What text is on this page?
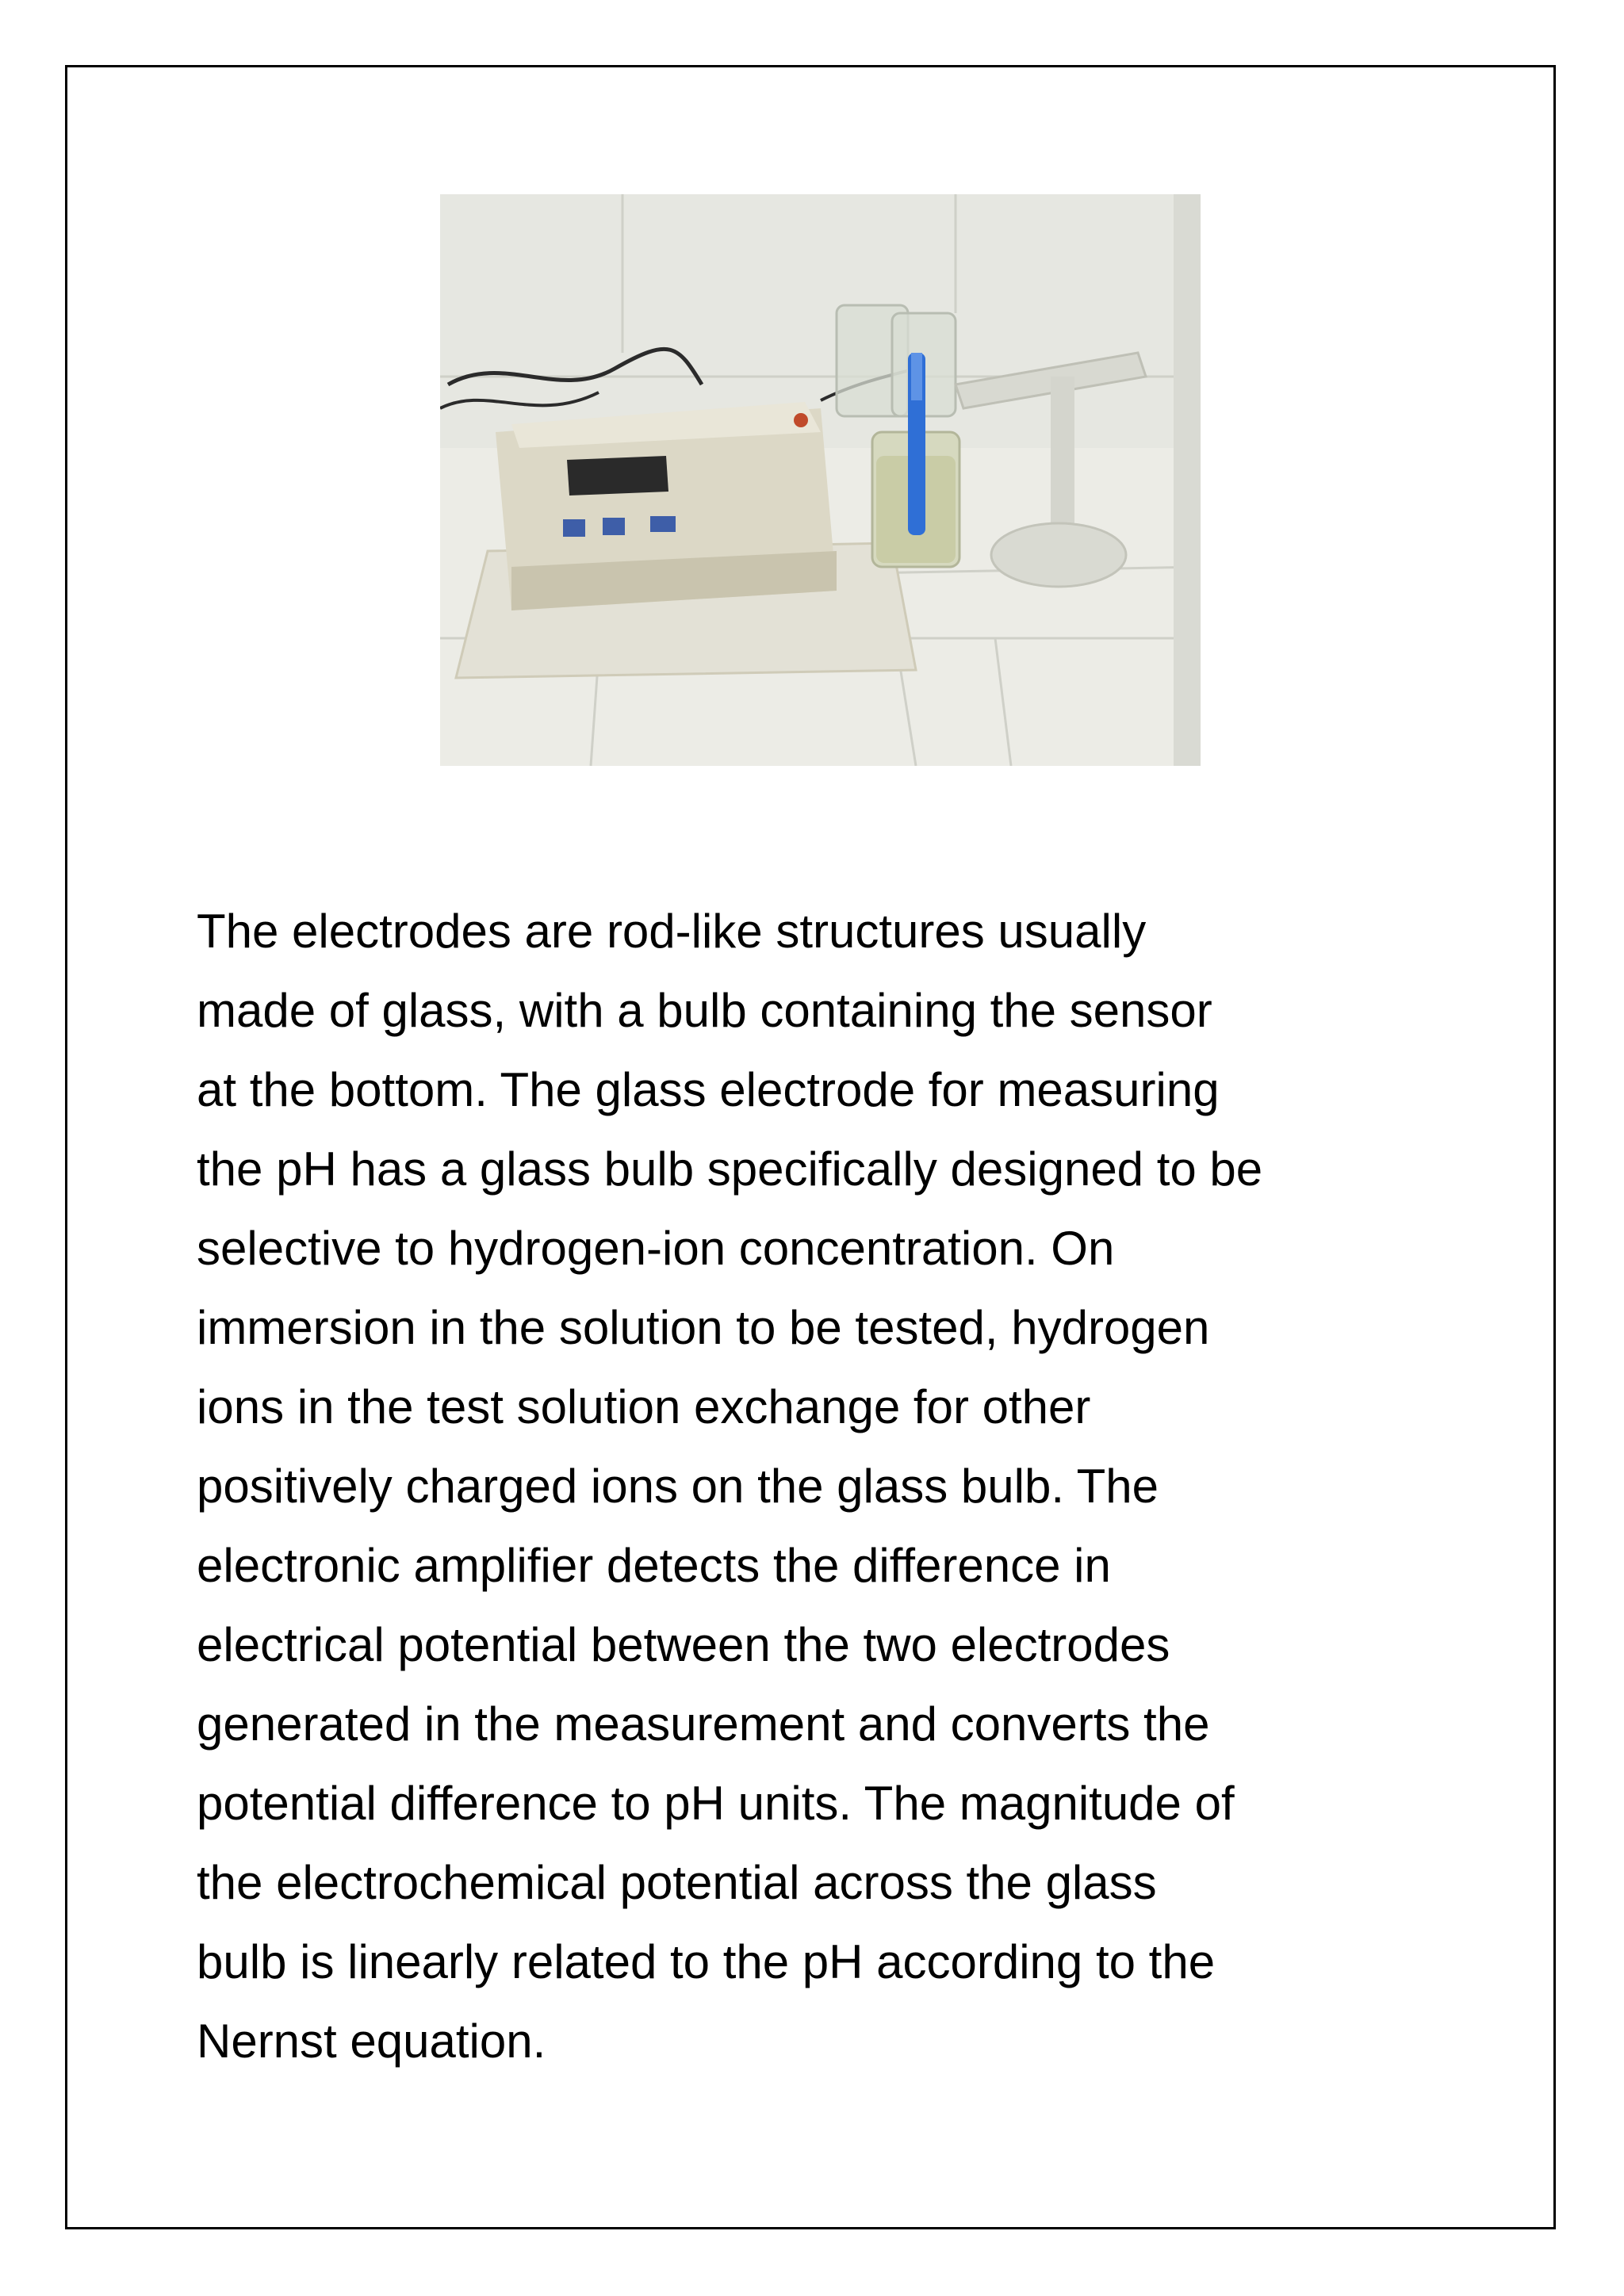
The electrodes are rod-like structures usually
made of glass, with a bulb containing the sensor
at the bottom. The glass electrode for measuring
the pH has a glass bulb specifically designed to be
selective to hydrogen-ion concentration. On
immersion in the solution to be tested, hydrogen
ions in the test solution exchange for other
positively charged ions on the glass bulb. The
electronic amplifier detects the difference in
electrical potential between the two electrodes
generated in the measurement and converts the
potential difference to pH units. The magnitude of
the electrochemical potential across the glass
bulb is linearly related to the pH according to the
Nernst equation.
